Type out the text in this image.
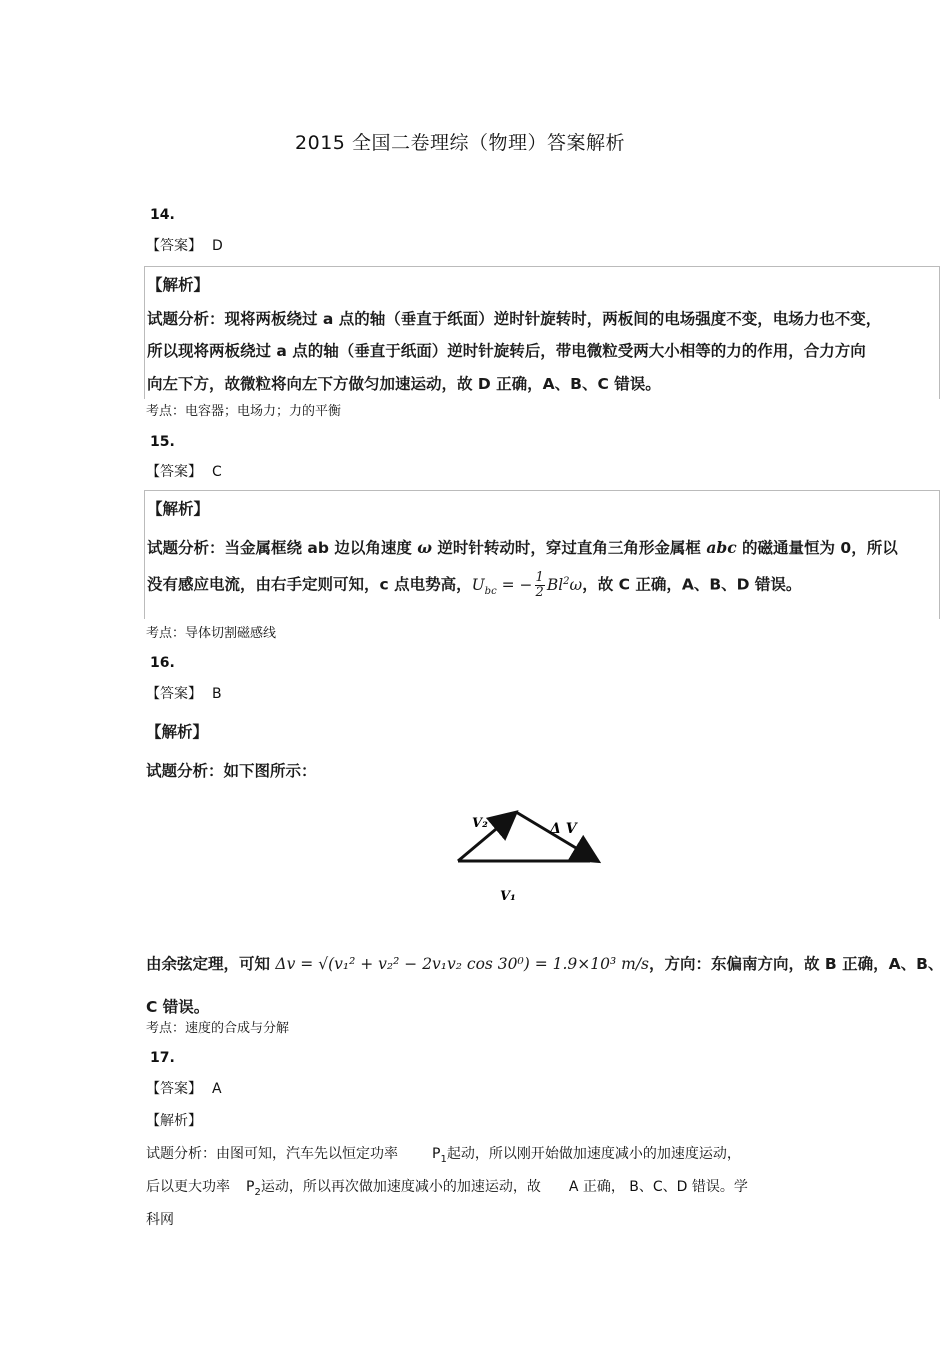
2015 全国二卷理综（物理）答案解析
14.
【答案】 D
【解析】
试题分析：现将两板绕过 a 点的轴（垂直于纸面）逆时针旋转时，两板间的电场强度不变，电场力也不变，
所以现将两板绕过 a 点的轴（垂直于纸面）逆时针旋转后，带电微粒受两大小相等的力的作用，合力方向
向左下方，故微粒将向左下方做匀加速运动，故 D 正确，A、B、C 错误。
考点：电容器；电场力；力的平衡
15.
【答案】 C
【解析】
试题分析：当金属框绕 ab 边以角速度 ω 逆时针转动时，穿过直角三角形金属框 abc 的磁通量恒为 0，所以
没有感应电流，由右手定则可知，c 点电势高，$U_{bc}$ = − $\frac{1}{2} Bl^2\omega$，故 C 正确，A、B、D 错误。
考点：导体切割磁感线
16.
【答案】 B
【解析】
试题分析：如下图所示：
V₂	Δ V
V₁
由余弦定理，可知 Δv = √(v₁² + v₂² − 2v₁v₂ cos 30⁰) = 1.9×10³ m/s，方向：东偏南方向，故 B 正确，A、B、
C 错误。
考点：速度的合成与分解
17.
【答案】 A
【解析】
试题分析：由图可知，汽车先以恒定功率 $P_1$起动，所以刚开始做加速度减小的加速度运动，
后以更大功率 $P_2$运动，所以再次做加速度减小的加速运动，故 A 正确， B、C、D 错误。学
科网
